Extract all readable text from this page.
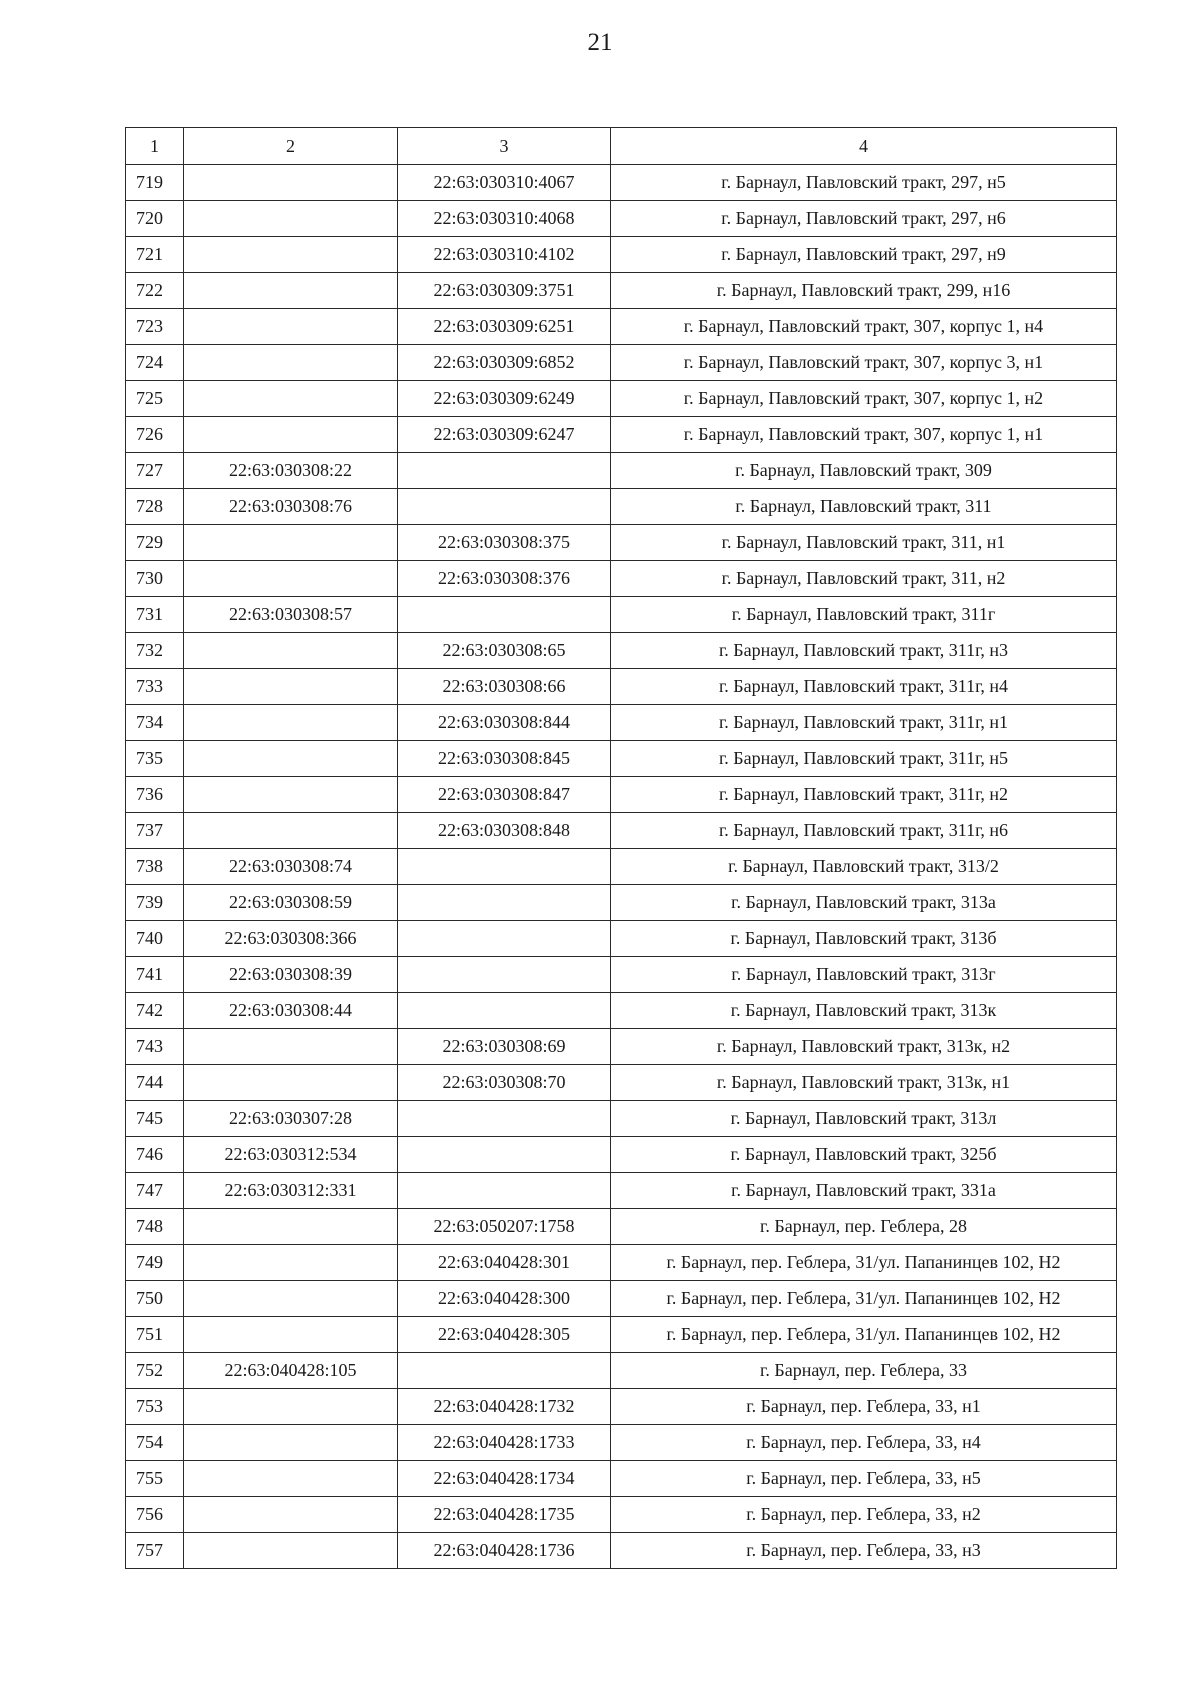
21
1	2	3	4
719		22:63:030310:4067	г. Барнаул, Павловский тракт, 297, н5
720		22:63:030310:4068	г. Барнаул, Павловский тракт, 297, н6
721		22:63:030310:4102	г. Барнаул, Павловский тракт, 297, н9
722		22:63:030309:3751	г. Барнаул, Павловский тракт, 299, н16
723		22:63:030309:6251	г. Барнаул, Павловский тракт, 307, корпус 1, н4
724		22:63:030309:6852	г. Барнаул, Павловский тракт, 307, корпус 3, н1
725		22:63:030309:6249	г. Барнаул, Павловский тракт, 307, корпус 1, н2
726		22:63:030309:6247	г. Барнаул, Павловский тракт, 307, корпус 1, н1
727	22:63:030308:22		г. Барнаул, Павловский тракт, 309
728	22:63:030308:76		г. Барнаул, Павловский тракт, 311
729		22:63:030308:375	г. Барнаул, Павловский тракт, 311, н1
730		22:63:030308:376	г. Барнаул, Павловский тракт, 311, н2
731	22:63:030308:57		г. Барнаул, Павловский тракт, 311г
732		22:63:030308:65	г. Барнаул, Павловский тракт, 311г, н3
733		22:63:030308:66	г. Барнаул, Павловский тракт, 311г, н4
734		22:63:030308:844	г. Барнаул, Павловский тракт, 311г, н1
735		22:63:030308:845	г. Барнаул, Павловский тракт, 311г, н5
736		22:63:030308:847	г. Барнаул, Павловский тракт, 311г, н2
737		22:63:030308:848	г. Барнаул, Павловский тракт, 311г, н6
738	22:63:030308:74		г. Барнаул, Павловский тракт, 313/2
739	22:63:030308:59		г. Барнаул, Павловский тракт, 313а
740	22:63:030308:366		г. Барнаул, Павловский тракт, 313б
741	22:63:030308:39		г. Барнаул, Павловский тракт, 313г
742	22:63:030308:44		г. Барнаул, Павловский тракт, 313к
743		22:63:030308:69	г. Барнаул, Павловский тракт, 313к, н2
744		22:63:030308:70	г. Барнаул, Павловский тракт, 313к, н1
745	22:63:030307:28		г. Барнаул, Павловский тракт, 313л
746	22:63:030312:534		г. Барнаул, Павловский тракт, 325б
747	22:63:030312:331		г. Барнаул, Павловский тракт, 331а
748		22:63:050207:1758	г. Барнаул, пер. Геблера, 28
749		22:63:040428:301	г. Барнаул, пер. Геблера, 31/ул. Папанинцев 102, Н2
750		22:63:040428:300	г. Барнаул, пер. Геблера, 31/ул. Папанинцев 102, Н2
751		22:63:040428:305	г. Барнаул, пер. Геблера, 31/ул. Папанинцев 102, Н2
752	22:63:040428:105		г. Барнаул, пер. Геблера, 33
753		22:63:040428:1732	г. Барнаул, пер. Геблера, 33, н1
754		22:63:040428:1733	г. Барнаул, пер. Геблера, 33, н4
755		22:63:040428:1734	г. Барнаул, пер. Геблера, 33, н5
756		22:63:040428:1735	г. Барнаул, пер. Геблера, 33, н2
757		22:63:040428:1736	г. Барнаул, пер. Геблера, 33, н3
